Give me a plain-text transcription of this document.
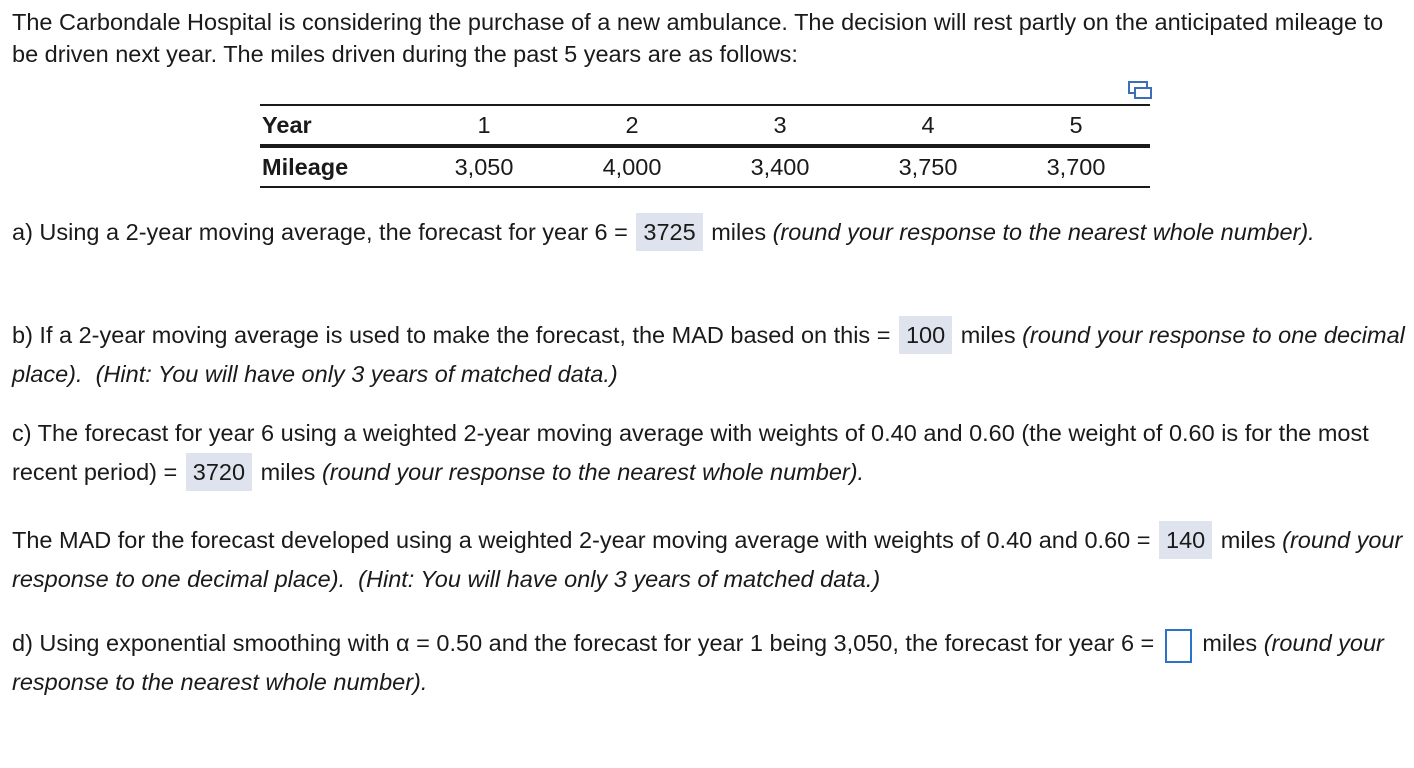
The Carbondale Hospital is considering the purchase of a new ambulance. The decision will rest partly on the anticipated mileage to be driven next year. The miles driven during the past 5 years are as follows:
Year	1	2	3	4	5
Mileage	3,050	4,000	3,400	3,750	3,700
a) Using a 2-year moving average, the forecast for year 6 = 3725 miles (round your response to the nearest whole number).
b) If a 2-year moving average is used to make the forecast, the MAD based on this = 100 miles (round your response to one decimal place). (Hint: You will have only 3 years of matched data.)
c) The forecast for year 6 using a weighted 2-year moving average with weights of 0.40 and 0.60 (the weight of 0.60 is for the most recent period) = 3720 miles (round your response to the nearest whole number).
The MAD for the forecast developed using a weighted 2-year moving average with weights of 0.40 and 0.60 = 140 miles (round your response to one decimal place). (Hint: You will have only 3 years of matched data.)
d) Using exponential smoothing with α = 0.50 and the forecast for year 1 being 3,050, the forecast for year 6 = miles (round your response to the nearest whole number).
